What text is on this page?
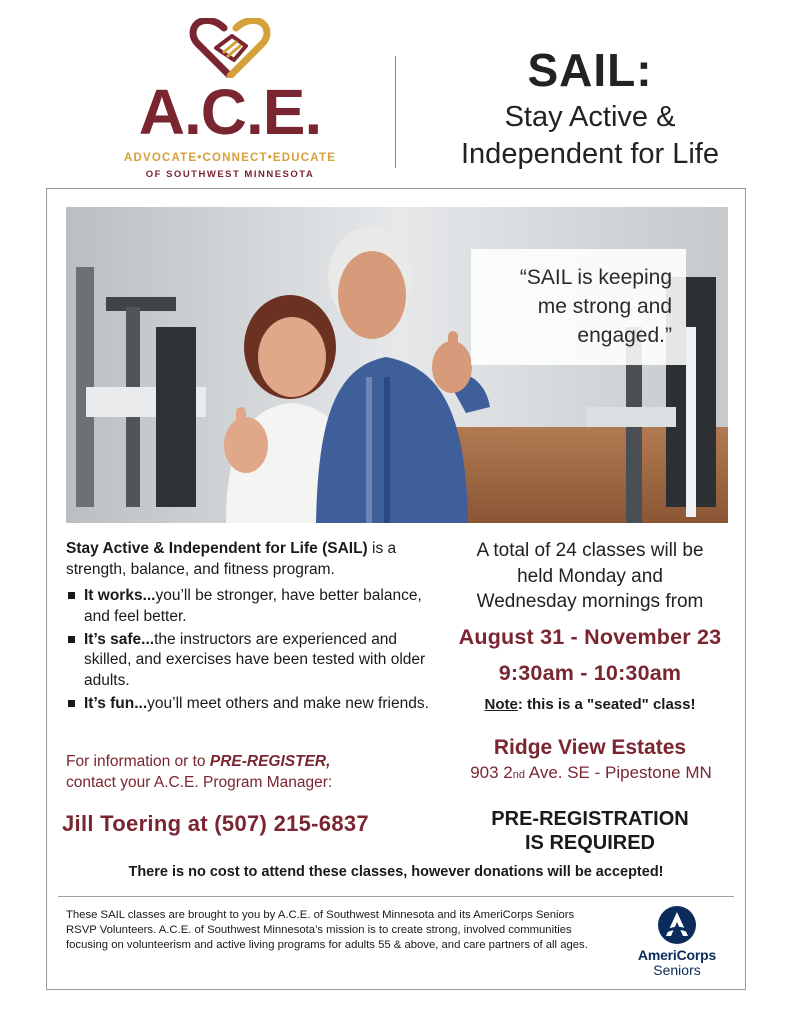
A.C.E.
ADVOCATE•CONNECT•EDUCATE
OF SOUTHWEST MINNESOTA
SAIL:
Stay Active &
Independent for Life
“SAIL is keeping
me strong and
engaged.”
Stay Active & Independent for Life (SAIL) is a strength, balance, and fitness program.
It works...you’ll be stronger, have better balance, and feel better.
It’s safe...the instructors are experienced and skilled, and exercises have been tested with older adults.
It’s fun...you’ll meet others and make new friends.
For information or to PRE-REGISTER,
contact your A.C.E. Program Manager:
Jill Toering at (507) 215-6837
A total of 24 classes will be
held Monday and
Wednesday mornings from
August 31 - November 23
9:30am - 10:30am
Note: this is a "seated" class!
Ridge View Estates
903 2nd Ave. SE - Pipestone MN
PRE-REGISTRATION
IS REQUIRED
There is no cost to attend these classes, however donations will be accepted!
These SAIL classes are brought to you by A.C.E. of Southwest Minnesota and its AmeriCorps Seniors RSVP Volunteers. A.C.E. of Southwest Minnesota’s mission is to create strong, involved communities focusing on volunteerism and active living programs for adults 55 & above, and care partners of all ages.
AmeriCorps
Seniors
